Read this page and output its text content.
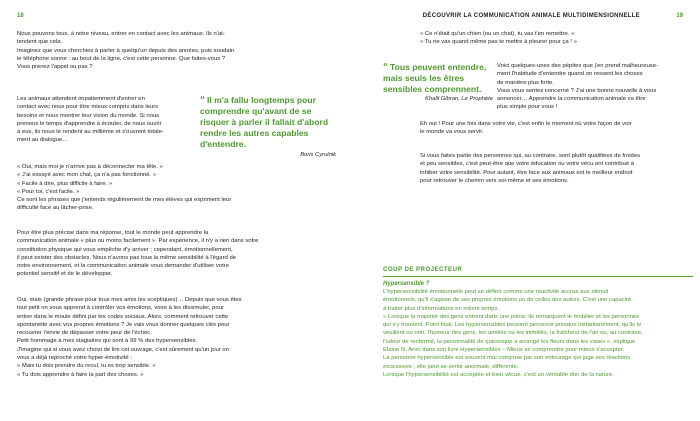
18	DÉCOUVRIR LA COMMUNICATION ANIMALE MULTIDIMENSIONNELLE	19

Nous pouvons tous, à notre niveau, entrer en contact avec les animaux. Ils n'at-

tendent que cela.

Imaginez que vous cherchiez à parler à quelqu'un depuis des années, puis soudain

le téléphone sonne : au bout de la ligne, c'est cette personne. Que faites-vous ?

Vous prenez l'appel ou pas ?

Les animaux attendent impatiemment d'entrer en

contact avec nous pour être mieux compris dans leurs

besoins et nous montrer leur vision du monde. Si nous

prenons le temps d'apprendre à écouter, de nous ouvrir

à eux, ils nous le rendent au millième et s'ouvrent totale-

ment au dialogue…

“ Il m'a fallu longtemps pour comprendre qu'avant de se risquer à parler il fallait d'abord rendre les autres capables d'entendre.
Boris Cyrulnik

« Oui, mais moi je n'arrive pas à déconnecter ma tête. »

« J'ai essayé avec mon chat, ça n'a pas fonctionné. »

« Facile à dire, plus difficile à faire. »

« Pour toi, c'est facile. »

Ce sont les phrases que j'entends régulièrement de mes élèves qui expriment leur

difficulté face au lâcher-prise.

Pour être plus précise dans ma réponse, tout le monde peut apprendre la

communication animale « plus ou moins facilement ». Par expérience, il n'y a rien dans votre

constitution physique qui vous empêche d'y arriver ; cependant, émotionnellement,

il peut exister des obstacles. Nous n'avons pas tous la même sensibilité à l'égard de

notre environnement, et la communication animale vous demander d'utiliser votre

potentiel sensitif et de le développer.

Oui, mais (grande phrase pour tous mes amis les sceptiques)… Depuis que vous êtes

tout petit on vous apprend à contrôler vos émotions, voire à les dissimuler, pour

entrer dans le moule défini par les codes sociaux. Alors, comment retrouver cette

spontanéité avec vos propres émotions ? Je vais vous donner quelques clés pour

recouvrer l'envie de dépasser votre peur de l'échec.

Petit hommage à mes stagiaires qui sont à 99 % des hypersensibles.

J'imagine qui si vous avez choisi de lire cet ouvrage, c'est sûrement qu'un jour on

vous a déjà reproché votre hyper-émotivité :

« Mais tu dois prendre du recul, tu es trop sensible. »

« Tu dois apprendre à faire la part des choses. »

« Ce n'était qu'un chien (ou un chat), tu vas t'en remettre. »

« Tu ne vas quand même pas te mettre à pleurer pour ça ! »

“ Tous peuvent entendre, mais seuls les êtres sensibles comprennent.
Khalil Gibran, Le Prophète

Voici quelques-unes des pépites que j'en prend malheureuse-

ment l'habitude d'entendre quand on ressent les choses

de manière plus forte.

Vous vous sentez concerné ? J'ai une bonne nouvelle à vous

annoncer… Apprendre la communication animale va être

plus simple pour vous !

Eh oui ! Pour une fois dans votre vie, c'est enfin le moment où votre façon de voir

le monde va vous servir.

Si vous faites partie des personnes qui, au contraire, sont plutôt qualifiées de froides

et peu sensibles, c'est peut-être que votre éducation ou votre vécu ont contribué à

inhiber votre sensibilité. Pour autant, être face aux animaux est le meilleur endroit

pour retrouver le chemin vers soi-même et ses émotions.

COUP DE PROJECTEUR
Hypersensible ?

L'hypersensibilité émotionnelle peut se définir comme une réactivité accrue aux stimuli

émotionnels, qu'il s'agisse de ses propres émotions ou de celles des autres. C'est une capacité

à traiter plus d'informations en même temps.

« Lorsque la majorité des gens entrent dans une pièce, ils remarquent le mobilier et les personnes

qui s'y trouvent. Point final. Les hypersensibles peuvent percevoir presque instantanément, qu'ils le

veuillent ou non, l'humeur des gens, les amitiés ou les inimitiés, la fraîcheur de l'air ou, au contraire,

l'odeur de renfermé, la personnalité de quiconque a arrangé les fleurs dans les vases », explique

Elaine N. Aron dans son livre Hypersensibles – Mieux se comprendre pour mieux s'accepter.

La personne hypersensible est souvent mal comprise par son entourage qui juge ses réactions

excessives ; elle peut se sentir anormale, différente.

Lorsque l'hypersensibilité est acceptée et bien vécue, c'est un véritable don de la nature.
